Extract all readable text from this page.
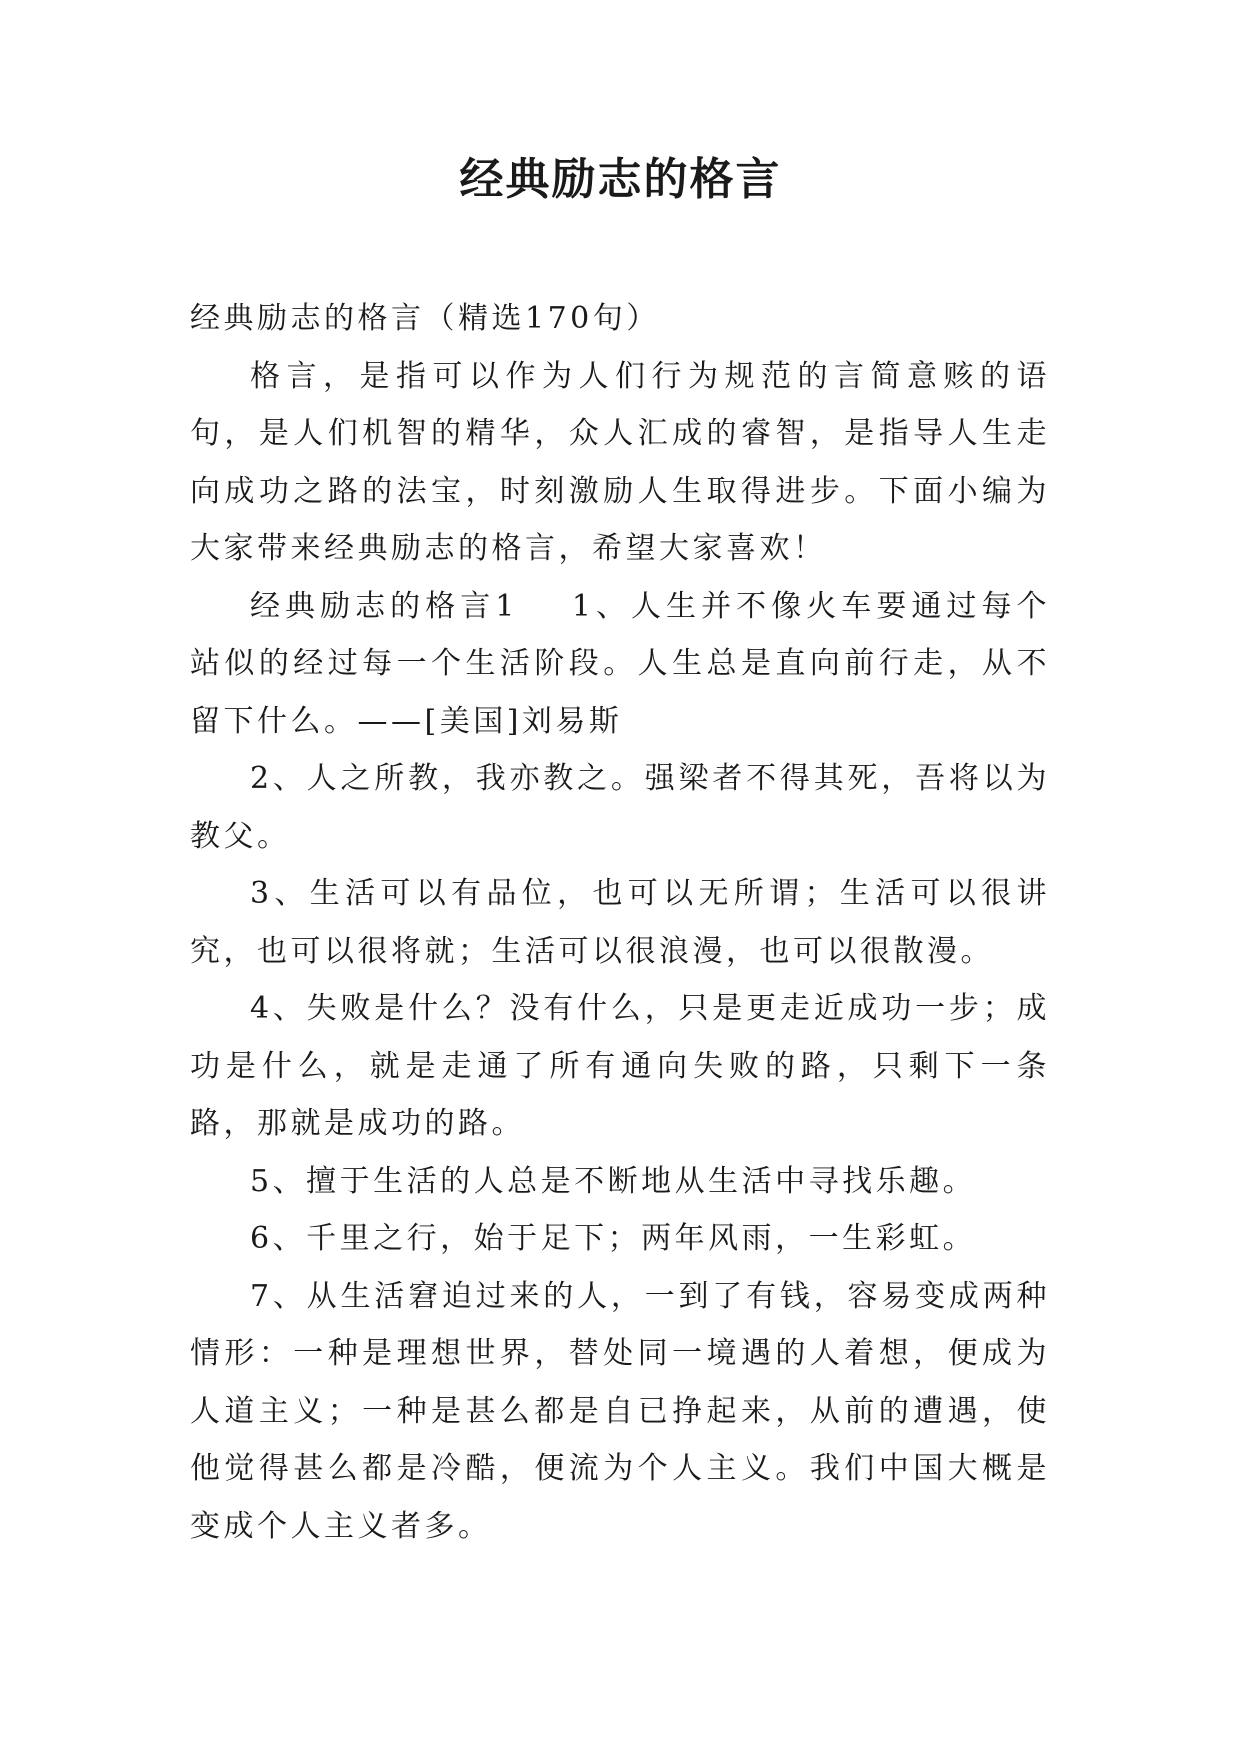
经典励志的格言

经典励志的格言（精选170句）

格言，是指可以作为人们行为规范的言简意赅的语句，是人们机智的精华，众人汇成的睿智，是指导人生走向成功之路的法宝，时刻激励人生取得进步。下面小编为大家带来经典励志的格言，希望大家喜欢！

经典励志的格言1 1、人生并不像火车要通过每个站似的经过每一个生活阶段。人生总是直向前行走，从不留下什么。——[美国]刘易斯

2、人之所教，我亦教之。强梁者不得其死，吾将以为教父。

3、生活可以有品位，也可以无所谓；生活可以很讲究，也可以很将就；生活可以很浪漫，也可以很散漫。

4、失败是什么？没有什么，只是更走近成功一步；成功是什么，就是走通了所有通向失败的路，只剩下一条路，那就是成功的路。

5、擅于生活的人总是不断地从生活中寻找乐趣。

6、千里之行，始于足下；两年风雨，一生彩虹。

7、从生活窘迫过来的人，一到了有钱，容易变成两种情形：一种是理想世界，替处同一境遇的人着想，便成为人道主义；一种是甚么都是自已挣起来，从前的遭遇，使他觉得甚么都是冷酷，便流为个人主义。我们中国大概是变成个人主义者多。
